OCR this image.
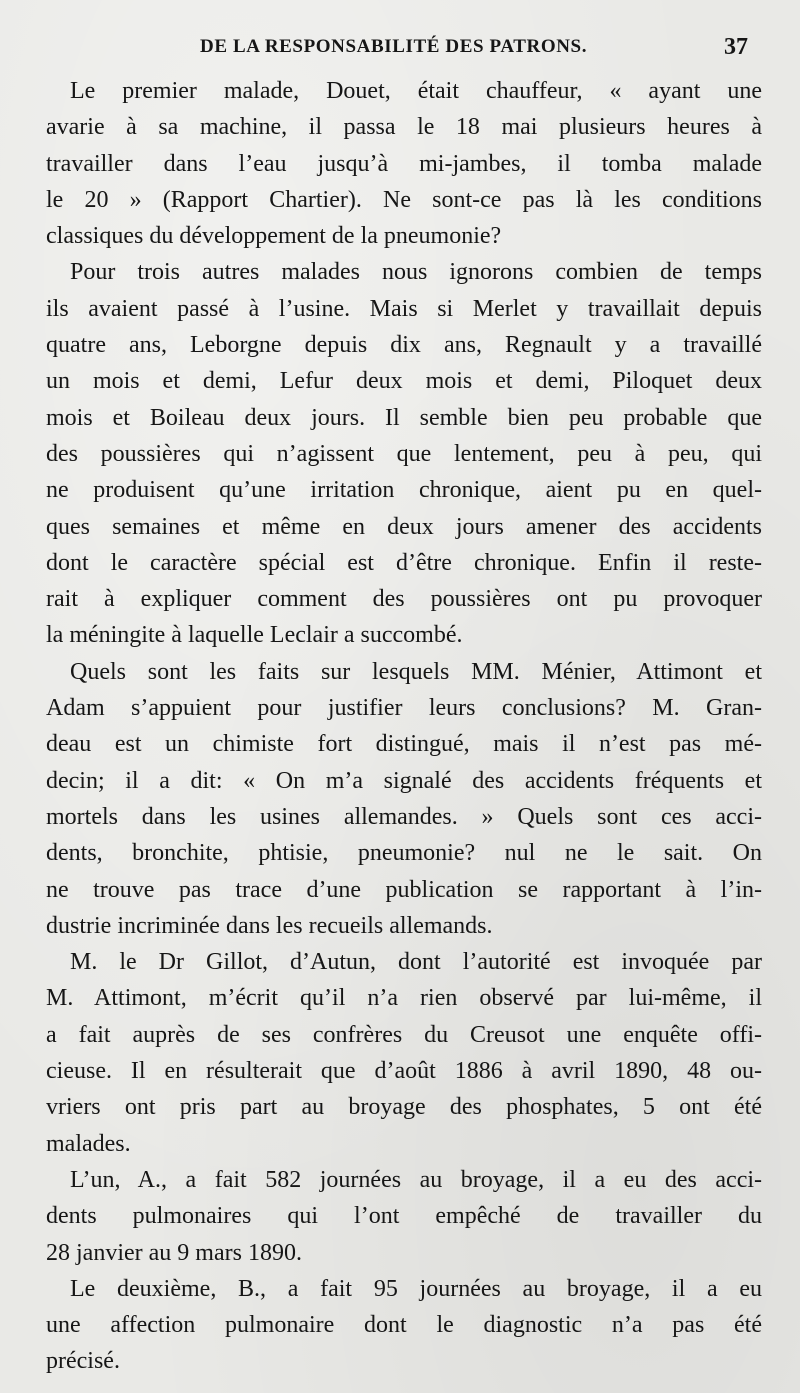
DE LA RESPONSABILITÉ DES PATRONS.	37
Le premier malade, Douet, était chauffeur, « ayant une
avarie à sa machine, il passa le 18 mai plusieurs heures à
travailler dans l’eau jusqu’à mi-jambes, il tomba malade
le 20 » (Rapport Chartier). Ne sont-ce pas là les conditions
classiques du développement de la pneumonie?
Pour trois autres malades nous ignorons combien de temps
ils avaient passé à l’usine. Mais si Merlet y travaillait depuis
quatre ans, Leborgne depuis dix ans, Regnault y a travaillé
un mois et demi, Lefur deux mois et demi, Piloquet deux
mois et Boileau deux jours. Il semble bien peu probable que
des poussières qui n’agissent que lentement, peu à peu, qui
ne produisent qu’une irritation chronique, aient pu en quel-
ques semaines et même en deux jours amener des accidents
dont le caractère spécial est d’être chronique. Enfin il reste-
rait à expliquer comment des poussières ont pu provoquer
la méningite à laquelle Leclair a succombé.
Quels sont les faits sur lesquels MM. Ménier, Attimont et
Adam s’appuient pour justifier leurs conclusions? M. Gran-
deau est un chimiste fort distingué, mais il n’est pas mé-
decin; il a dit: « On m’a signalé des accidents fréquents et
mortels dans les usines allemandes. » Quels sont ces acci-
dents, bronchite, phtisie, pneumonie? nul ne le sait. On
ne trouve pas trace d’une publication se rapportant à l’in-
dustrie incriminée dans les recueils allemands.
M. le Dr Gillot, d’Autun, dont l’autorité est invoquée par
M. Attimont, m’écrit qu’il n’a rien observé par lui-même, il
a fait auprès de ses confrères du Creusot une enquête offi-
cieuse. Il en résulterait que d’août 1886 à avril 1890, 48 ou-
vriers ont pris part au broyage des phosphates, 5 ont été
malades.
L’un, A., a fait 582 journées au broyage, il a eu des acci-
dents pulmonaires qui l’ont empêché de travailler du
28 janvier au 9 mars 1890.
Le deuxième, B., a fait 95 journées au broyage, il a eu
une affection pulmonaire dont le diagnostic n’a pas été
précisé.
